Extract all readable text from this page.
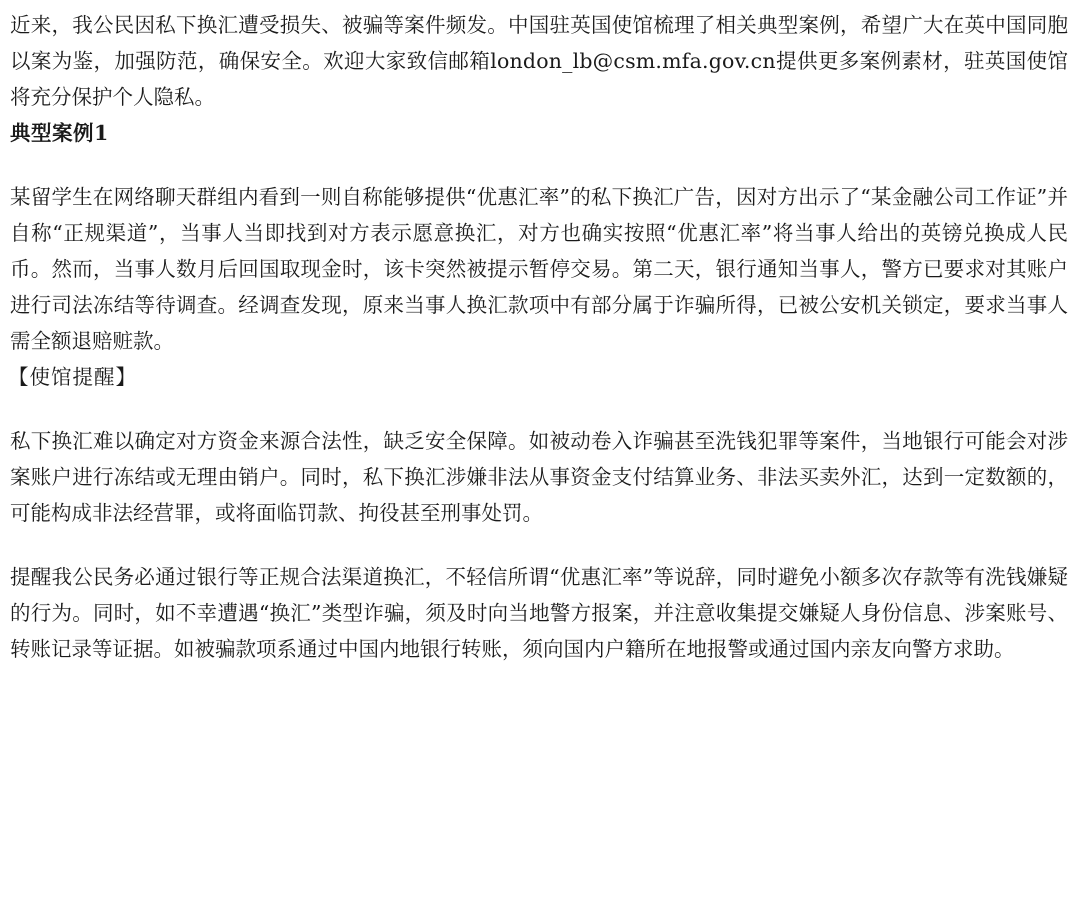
近来，我公民因私下换汇遭受损失、被骗等案件频发。中国驻英国使馆梳理了相关典型案例，希望广大在英中国同胞以案为鉴，加强防范，确保安全。欢迎大家致信邮箱london_lb@csm.mfa.gov.cn提供更多案例素材，驻英国使馆将充分保护个人隐私。

典型案例1

某留学生在网络聊天群组内看到一则自称能够提供“优惠汇率”的私下换汇广告，因对方出示了“某金融公司工作证”并自称“正规渠道”，当事人当即找到对方表示愿意换汇，对方也确实按照“优惠汇率”将当事人给出的英镑兑换成人民币。然而，当事人数月后回国取现金时，该卡突然被提示暂停交易。第二天，银行通知当事人，警方已要求对其账户进行司法冻结等待调查。经调查发现，原来当事人换汇款项中有部分属于诈骗所得，已被公安机关锁定，要求当事人需全额退赔赃款。

【使馆提醒】

私下换汇难以确定对方资金来源合法性，缺乏安全保障。如被动卷入诈骗甚至洗钱犯罪等案件，当地银行可能会对涉案账户进行冻结或无理由销户。同时，私下换汇涉嫌非法从事资金支付结算业务、非法买卖外汇，达到一定数额的，可能构成非法经营罪，或将面临罚款、拘役甚至刑事处罚。

提醒我公民务必通过银行等正规合法渠道换汇，不轻信所谓“优惠汇率”等说辞，同时避免小额多次存款等有洗钱嫌疑的行为。同时，如不幸遭遇“换汇”类型诈骗，须及时向当地警方报案，并注意收集提交嫌疑人身份信息、涉案账号、转账记录等证据。如被骗款项系通过中国内地银行转账，须向国内户籍所在地报警或通过国内亲友向警方求助。
